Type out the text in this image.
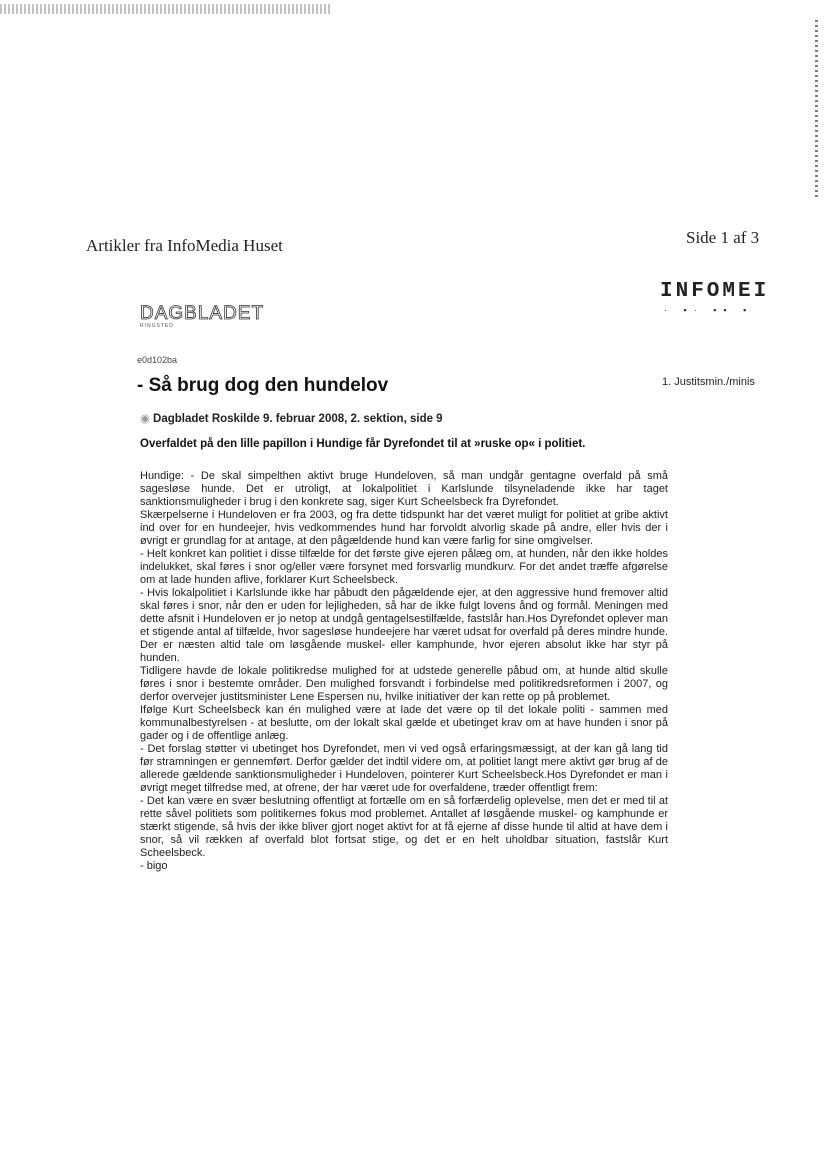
Artikler fra InfoMedia Huset	Side 1 af 3
INFOMEI
· ▪· ▪▪ ▪
DAGBLADET
RINGSTED
e0d102ba
- Så brug dog den hundelov	1. Justitsmin./minis
◉ Dagbladet Roskilde 9. februar 2008, 2. sektion, side 9
Overfaldet på den lille papillon i Hundige får Dyrefondet til at »ruske op« i politiet.

Hundige: - De skal simpelthen aktivt bruge Hundeloven, så man undgår gentagne overfald på små sagesløse hunde. Det er utroligt, at lokalpolitiet i Karlslunde tilsyneladende ikke har taget sanktionsmuligheder i brug i den konkrete sag, siger Kurt Scheelsbeck fra Dyrefondet.

Skærpelserne i Hundeloven er fra 2003, og fra dette tidspunkt har det været muligt for politiet at gribe aktivt ind over for en hundeejer, hvis vedkommendes hund har forvoldt alvorlig skade på andre, eller hvis der i øvrigt er grundlag for at antage, at den pågældende hund kan være farlig for sine omgivelser.

- Helt konkret kan politiet i disse tilfælde for det første give ejeren pålæg om, at hunden, når den ikke holdes indelukket, skal føres i snor og/eller være forsynet med forsvarlig mundkurv. For det andet træffe afgørelse om at lade hunden aflive, forklarer Kurt Scheelsbeck.

- Hvis lokalpolitiet i Karlslunde ikke har påbudt den pågældende ejer, at den aggressive hund fremover altid skal føres i snor, når den er uden for lejligheden, så har de ikke fulgt lovens ånd og formål. Meningen med dette afsnit i Hundeloven er jo netop at undgå gentagelsestilfælde, fastslår han.Hos Dyrefondet oplever man et stigende antal af tilfælde, hvor sagesløse hundeejere har været udsat for overfald på deres mindre hunde. Der er næsten altid tale om løsgående muskel- eller kamphunde, hvor ejeren absolut ikke har styr på hunden.

Tidligere havde de lokale politikredse mulighed for at udstede generelle påbud om, at hunde altid skulle føres i snor i bestemte områder. Den mulighed forsvandt i forbindelse med politikredsreformen i 2007, og derfor overvejer justitsminister Lene Espersen nu, hvilke initiativer der kan rette op på problemet.

Ifølge Kurt Scheelsbeck kan én mulighed være at lade det være op til det lokale politi - sammen med kommunalbestyrelsen - at beslutte, om der lokalt skal gælde et ubetinget krav om at have hunden i snor på gader og i de offentlige anlæg.

- Det forslag støtter vi ubetinget hos Dyrefondet, men vi ved også erfaringsmæssigt, at der kan gå lang tid før stramningen er gennemført. Derfor gælder det indtil videre om, at politiet langt mere aktivt gør brug af de allerede gældende sanktionsmuligheder i Hundeloven, pointerer Kurt Scheelsbeck.Hos Dyrefondet er man i øvrigt meget tilfredse med, at ofrene, der har været ude for overfaldene, træder offentligt frem:

- Det kan være en svær beslutning offentligt at fortælle om en så forfærdelig oplevelse, men det er med til at rette såvel politiets som politikernes fokus mod problemet. Antallet af løsgående muskel- og kamphunde er stærkt stigende, så hvis der ikke bliver gjort noget aktivt for at få ejerne af disse hunde til altid at have dem i snor, så vil rækken af overfald blot fortsat stige, og det er en helt uholdbar situation, fastslår Kurt Scheelsbeck.

- bigo
